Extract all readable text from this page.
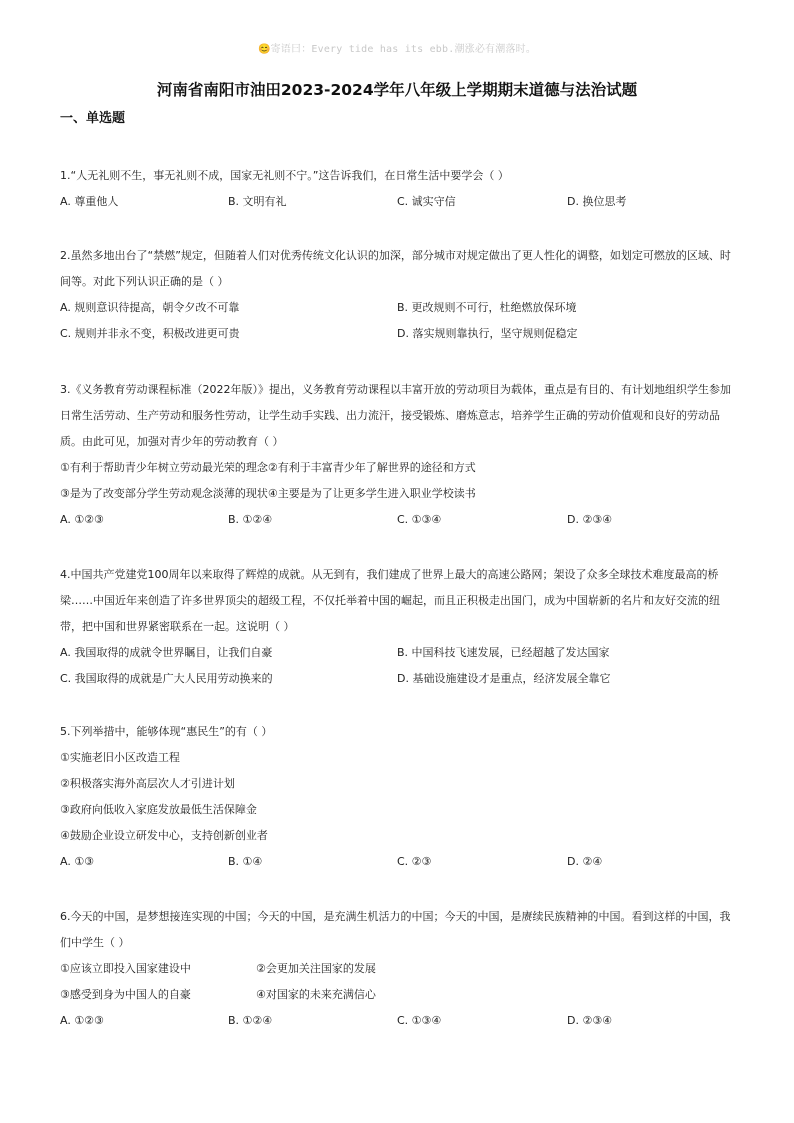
😊寄语曰：Every tide has its ebb.潮涨必有潮落时。
河南省南阳市油田2023-2024学年八年级上学期期末道德与法治试题
一、单选题

1.“人无礼则不生，事无礼则不成，国家无礼则不宁。”这告诉我们，在日常生活中要学会（ ）

A. 尊重他人	B. 文明有礼	C. 诚实守信	D. 换位思考

2.虽然多地出台了“禁燃”规定，但随着人们对优秀传统文化认识的加深，部分城市对规定做出了更人性化的调整，如划定可燃放的区域、时间等。对此下列认识正确的是（ ）

A. 规则意识待提高，朝令夕改不可靠	B. 更改规则不可行，杜绝燃放保环境
C. 规则并非永不变，积极改进更可贵	D. 落实规则靠执行，坚守规则促稳定

3.《义务教育劳动课程标准（2022年版）》提出，义务教育劳动课程以丰富开放的劳动项目为载体，重点是有目的、有计划地组织学生参加日常生活劳动、生产劳动和服务性劳动，让学生动手实践、出力流汗，接受锻炼、磨炼意志，培养学生正确的劳动价值观和良好的劳动品质。由此可见，加强对青少年的劳动教育（ ）

①有利于帮助青少年树立劳动最光荣的理念②有利于丰富青少年了解世界的途径和方式
③是为了改变部分学生劳动观念淡薄的现状④主要是为了让更多学生进入职业学校读书
A. ①②③	B. ①②④	C. ①③④	D. ②③④

4.中国共产党建党100周年以来取得了辉煌的成就。从无到有，我们建成了世界上最大的高速公路网；架设了众多全球技术难度最高的桥梁……中国近年来创造了许多世界顶尖的超级工程，不仅托举着中国的崛起，而且正积极走出国门，成为中国崭新的名片和友好交流的纽带，把中国和世界紧密联系在一起。这说明（ ）

A. 我国取得的成就令世界瞩目，让我们自豪	B. 中国科技飞速发展，已经超越了发达国家
C. 我国取得的成就是广大人民用劳动换来的	D. 基础设施建设才是重点，经济发展全靠它

5.下列举措中，能够体现“惠民生”的有（ ）

①实施老旧小区改造工程
②积极落实海外高层次人才引进计划
③政府向低收入家庭发放最低生活保障金
④鼓励企业设立研发中心，支持创新创业者
A. ①③	B. ①④	C. ②③	D. ②④

6.今天的中国，是梦想接连实现的中国；今天的中国，是充满生机活力的中国；今天的中国，是赓续民族精神的中国。看到这样的中国，我们中学生（ ）

①应该立即投入国家建设中	②会更加关注国家的发展
③感受到身为中国人的自豪	④对国家的未来充满信心
A. ①②③	B. ①②④	C. ①③④	D. ②③④
